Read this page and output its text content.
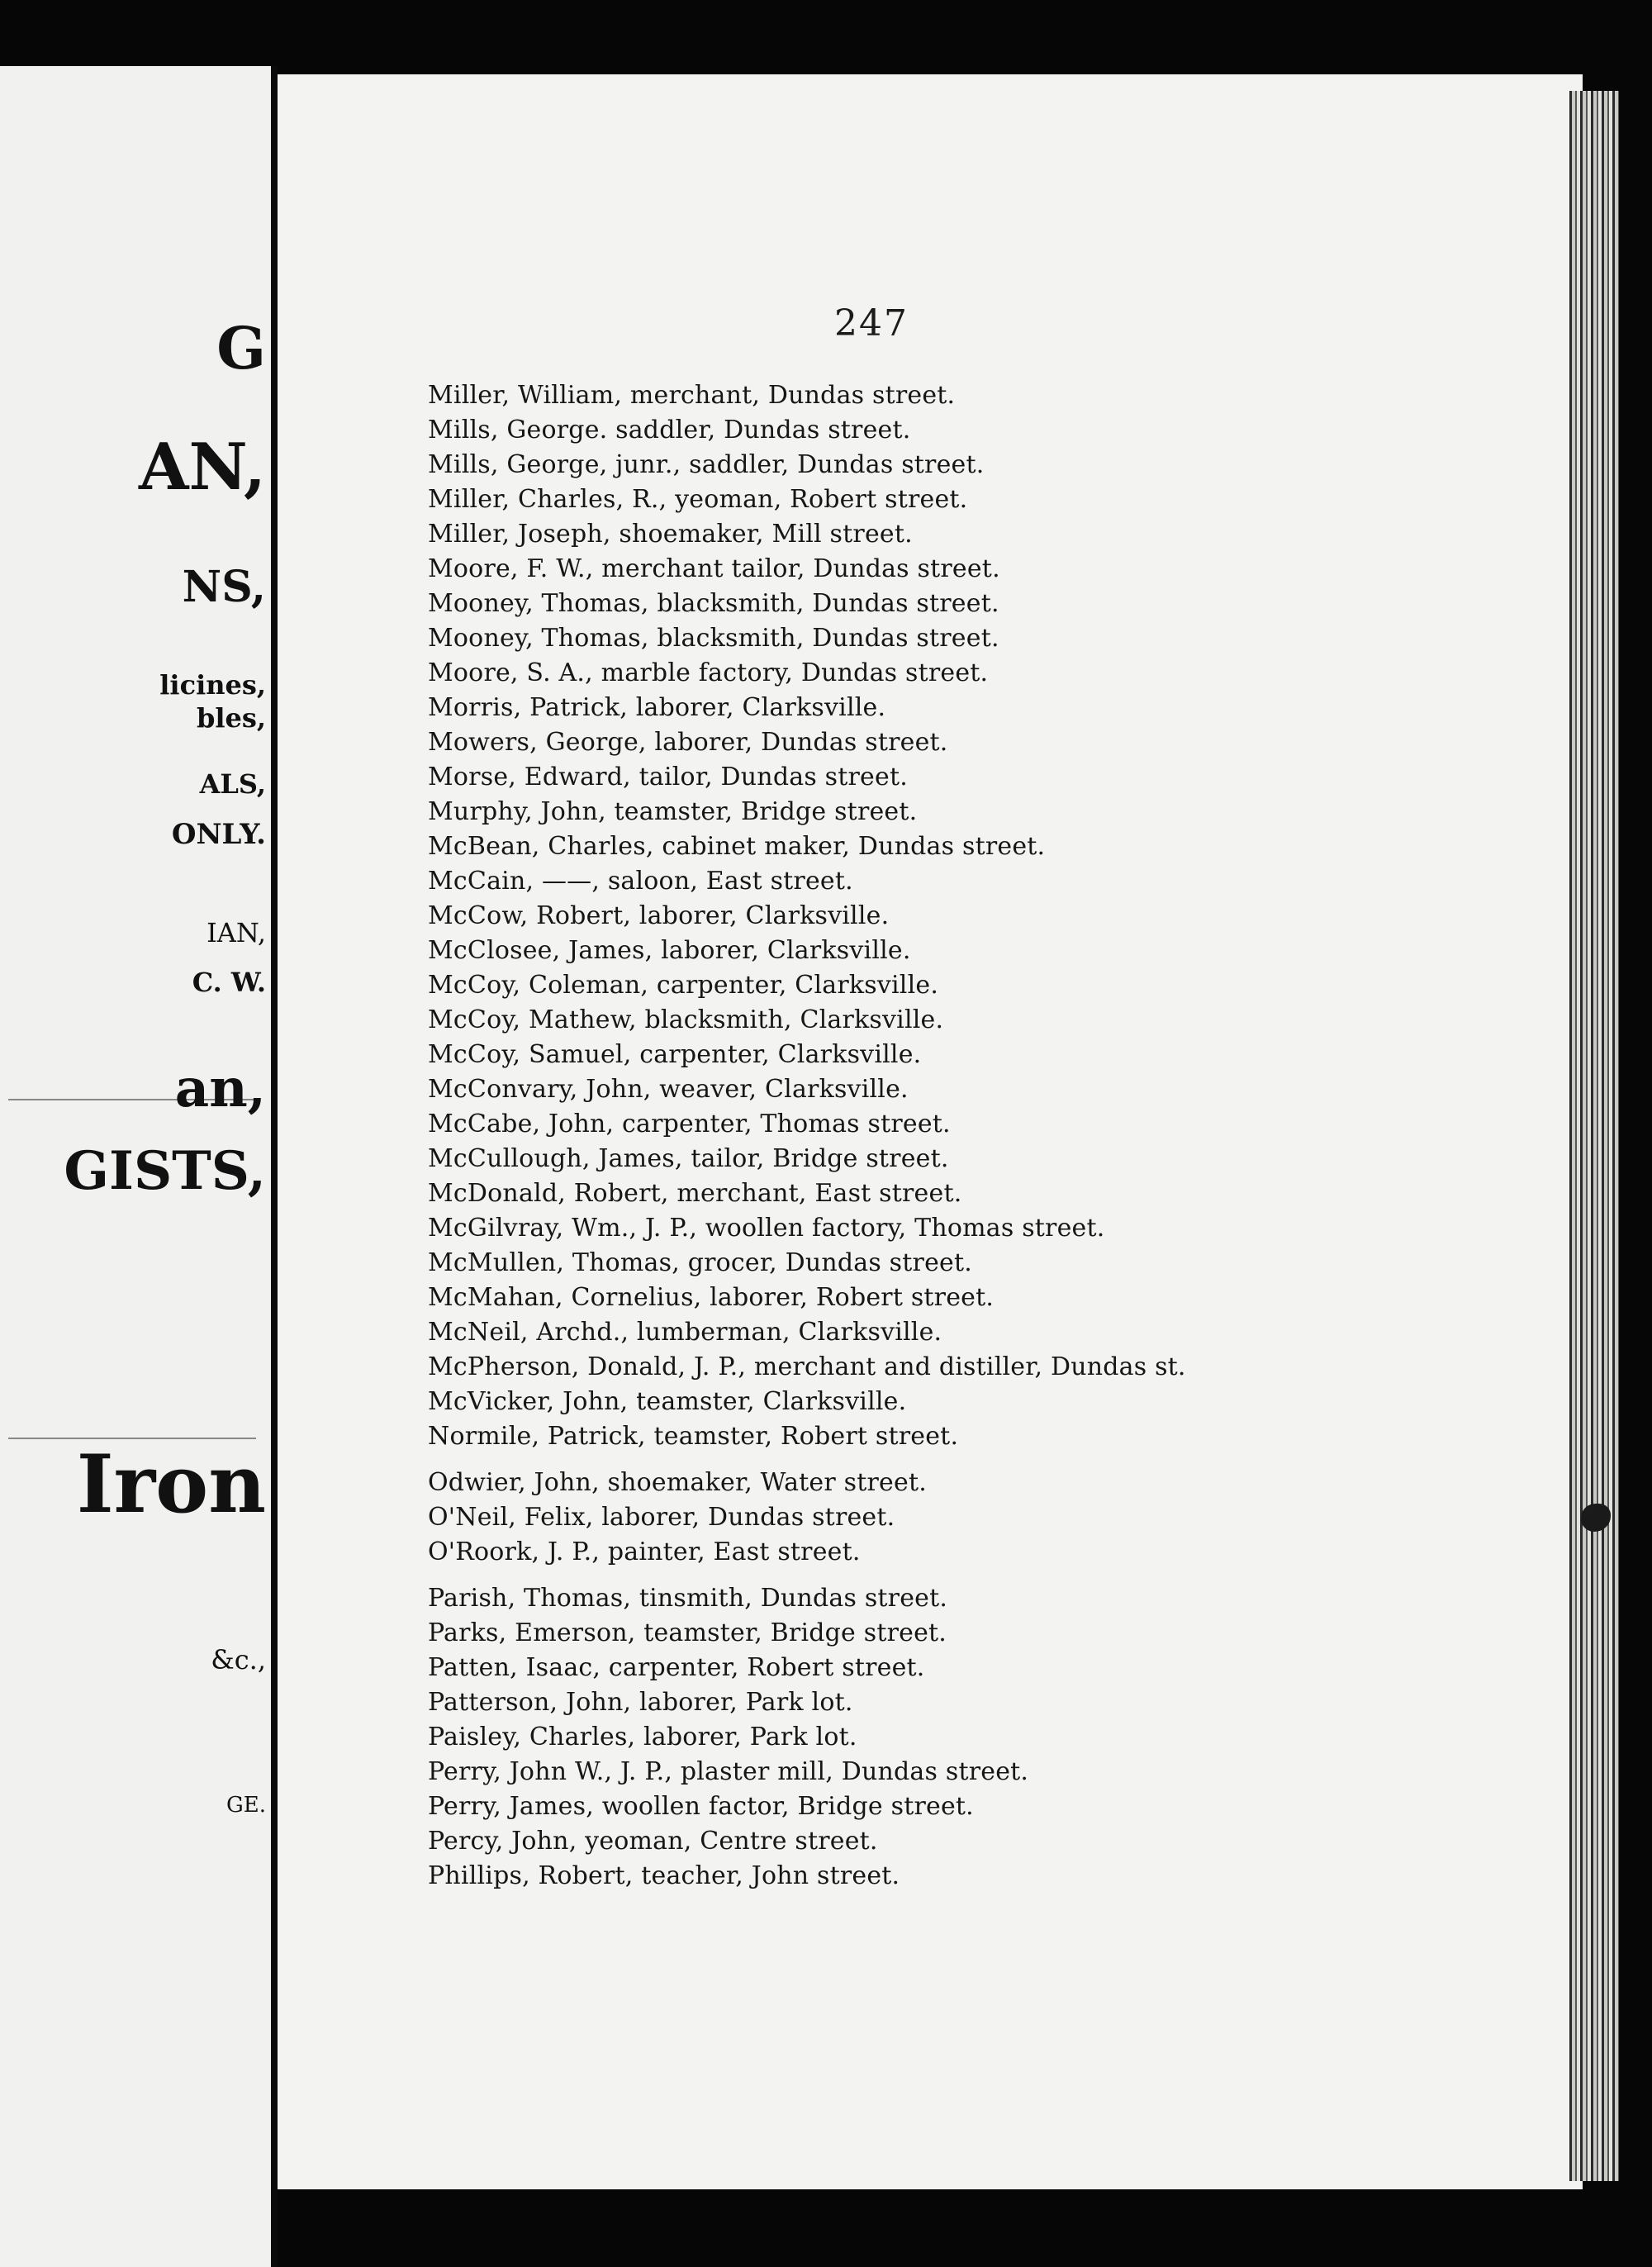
G
AN,
NS,
licines,
bles,
ALS,
ONLY.
IAN,
C. W.
an,
GISTS,
Iron
&c.,
GE.
247
Miller, William, merchant, Dundas street.
Mills, George. saddler, Dundas street.
Mills, George, junr., saddler, Dundas street.
Miller, Charles, R., yeoman, Robert street.
Miller, Joseph, shoemaker, Mill street.
Moore, F. W., merchant tailor, Dundas street.
Mooney, Thomas, blacksmith, Dundas street.
Mooney, Thomas, blacksmith, Dundas street.
Moore, S. A., marble factory, Dundas street.
Morris, Patrick, laborer, Clarksville.
Mowers, George, laborer, Dundas street.
Morse, Edward, tailor, Dundas street.
Murphy, John, teamster, Bridge street.
McBean, Charles, cabinet maker, Dundas street.
McCain, ——, saloon, East street.
McCow, Robert, laborer, Clarksville.
McClosee, James, laborer, Clarksville.
McCoy, Coleman, carpenter, Clarksville.
McCoy, Mathew, blacksmith, Clarksville.
McCoy, Samuel, carpenter, Clarksville.
McConvary, John, weaver, Clarksville.
McCabe, John, carpenter, Thomas street.
McCullough, James, tailor, Bridge street.
McDonald, Robert, merchant, East street.
McGilvray, Wm., J. P., woollen factory, Thomas street.
McMullen, Thomas, grocer, Dundas street.
McMahan, Cornelius, laborer, Robert street.
McNeil, Archd., lumberman, Clarksville.
McPherson, Donald, J. P., merchant and distiller, Dundas st.
McVicker, John, teamster, Clarksville.
Normile, Patrick, teamster, Robert street.
Odwier, John, shoemaker, Water street.
O'Neil, Felix, laborer, Dundas street.
O'Roork, J. P., painter, East street.
Parish, Thomas, tinsmith, Dundas street.
Parks, Emerson, teamster, Bridge street.
Patten, Isaac, carpenter, Robert street.
Patterson, John, laborer, Park lot.
Paisley, Charles, laborer, Park lot.
Perry, John W., J. P., plaster mill, Dundas street.
Perry, James, woollen factor, Bridge street.
Percy, John, yeoman, Centre street.
Phillips, Robert, teacher, John street.
